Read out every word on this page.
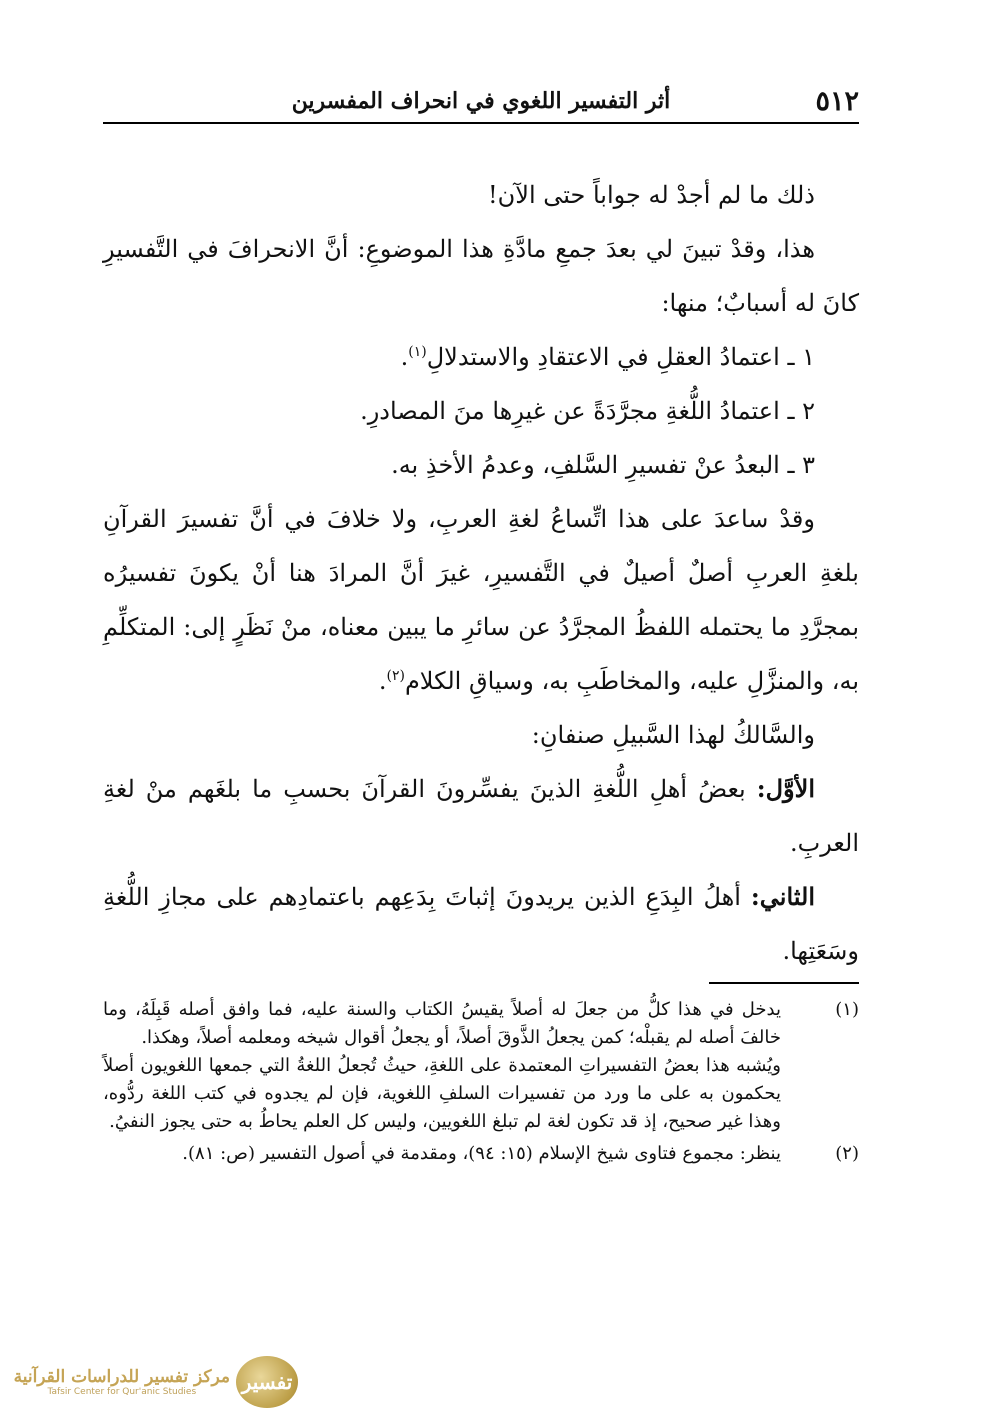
٥١٢
أثر التفسير اللغوي في انحراف المفسرين

ذلك ما لم أجدْ له جواباً حتى الآن!

هذا، وقدْ تبينَ لي بعدَ جمعِ مادَّةِ هذا الموضوعِ: أنَّ الانحرافَ في التَّفسيرِ كانَ له أسبابٌ؛ منها:

١ ـ اعتمادُ العقلِ في الاعتقادِ والاستدلالِ$^{(١)}$.

٢ ـ اعتمادُ اللُّغةِ مجرَّدَةً عن غيرِها منَ المصادرِ.

٣ ـ البعدُ عنْ تفسيرِ السَّلفِ، وعدمُ الأخذِ به.

وقدْ ساعدَ على هذا اتِّساعُ لغةِ العربِ، ولا خلافَ في أنَّ تفسيرَ القرآنِ بلغةِ العربِ أصلٌ أصيلٌ في التَّفسيرِ، غيرَ أنَّ المرادَ هنا أنْ يكونَ تفسيرُه بمجرَّدِ ما يحتمله اللفظُ المجرَّدُ عن سائرِ ما يبين معناه، منْ نَظَرٍ إلى: المتكلِّمِ به، والمنزَّلِ عليه، والمخاطَبِ به، وسياقِ الكلام$^{(٢)}$.

والسَّالكُ لهذا السَّبيلِ صنفانِ:

الأوَّل: بعضُ أهلِ اللُّغةِ الذينَ يفسِّرونَ القرآنَ بحسبِ ما بلغَهم منْ لغةِ العربِ.

الثاني: أهلُ البِدَعِ الذين يريدونَ إثباتَ بِدَعِهم باعتمادِهم على مجازِ اللُّغةِ وسَعَتِها.

(١)

يدخل في هذا كلُّ من جعلَ له أصلاً يقيسُ الكتاب والسنة عليه، فما وافق أصله قَبِلَهُ، وما خالفَ أصله لم يقبلْه؛ كمن يجعلُ الذَّوقَ أصلاً، أو يجعلُ أقوال شيخه ومعلمه أصلاً، وهكذا.

ويُشبه هذا بعضُ التفسيراتِ المعتمدة على اللغةِ، حيثُ تُجعلُ اللغةُ التي جمعها اللغويون أصلاً يحكمون به على ما ورد من تفسيرات السلفِ اللغوية، فإن لم يجدوه في كتب اللغة ردُّوه، وهذا غير صحيح، إذ قد تكون لغة لم تبلغ اللغويين، وليس كل العلم يحاطُ به حتى يجوز النفيُ.

(٢)

ينظر: مجموع فتاوى شيخ الإسلام (١٥: ٩٤)، ومقدمة في أصول التفسير (ص: ٨١).

تفسير
مركز تفسير للدراسات القرآنية
Tafsir Center for Qur'anic Studies
